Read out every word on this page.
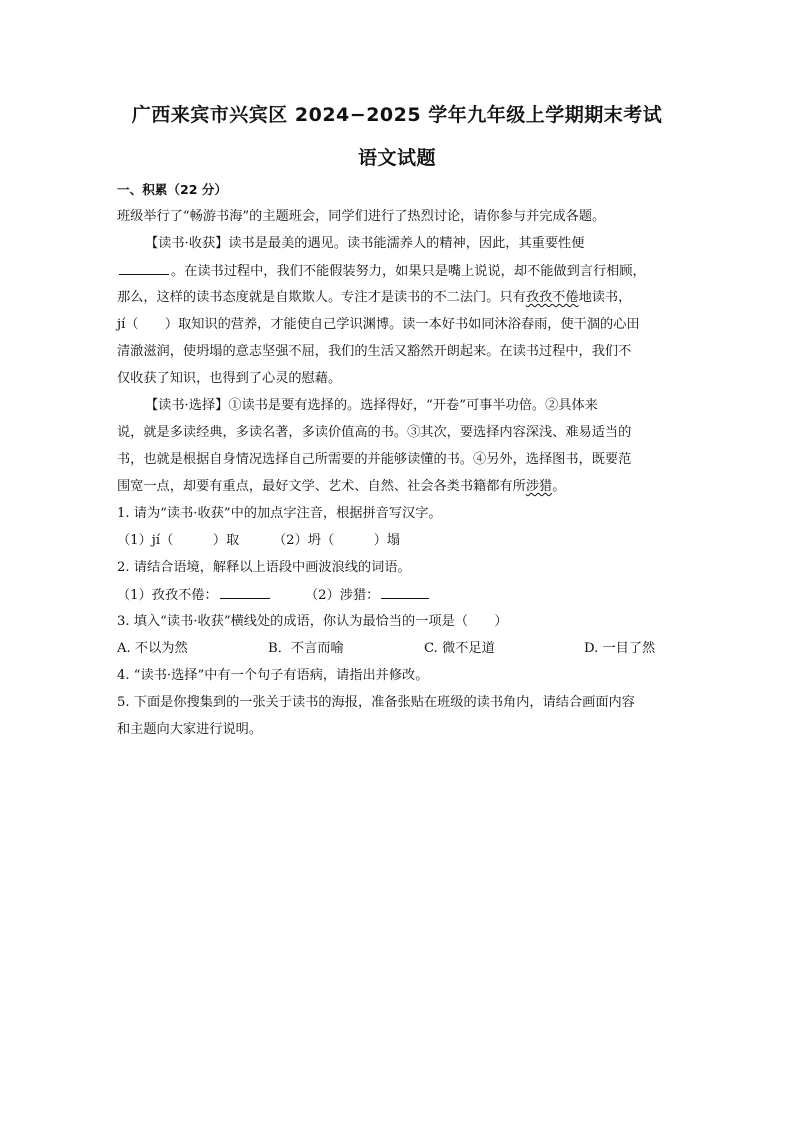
广西来宾市兴宾区 2024−2025 学年九年级上学期期末考试
语文试题
一、积累（22 分）
班级举行了“畅游书海”的主题班会，同学们进行了热烈讨论，请你参与并完成各题。
【读书·收获】读书是最美的遇见。读书能濡养人的精神，因此，其重要性便
。在读书过程中，我们不能假装努力，如果只是嘴上说说，却不能做到言行相顾，
那么，这样的读书态度就是自欺欺人。专注才是读书的不二法门。只有孜孜不倦地读书，
jí（　　）取知识的营养，才能使自己学识渊博。读一本好书如同沐浴春雨，使干涸的心田
清澈滋润，使坍塌的意志坚强不屈，我们的生活又豁然开朗起来。在读书过程中，我们不
仅收获了知识，也得到了心灵的慰藉。
【读书·选择】①读书是要有选择的。选择得好，“开卷”可事半功倍。②具体来
说，就是多读经典，多读名著，多读价值高的书。③其次，要选择内容深浅、难易适当的
书，也就是根据自身情况选择自己所需要的并能够读懂的书。④另外，选择图书，既要范
围宽一点，却要有重点，最好文学、艺术、自然、社会各类书籍都有所涉猎。
1. 请为“读书·收获”中的加点字注音，根据拼音写汉字。
（1）jí（　　　）取	（2）坍（　　　）塌
2. 请结合语境，解释以上语段中画波浪线的词语。
（1）孜孜不倦：	（2）涉猎：
3. 填入“读书·收获”横线处的成语，你认为最恰当的一项是（　　）
A. 不以为然	B．不言而喻	C. 微不足道	D. 一目了然
4. “读书·选择”中有一个句子有语病，请指出并修改。
5. 下面是你搜集到的一张关于读书的海报，准备张贴在班级的读书角内，请结合画面内容
和主题向大家进行说明。
